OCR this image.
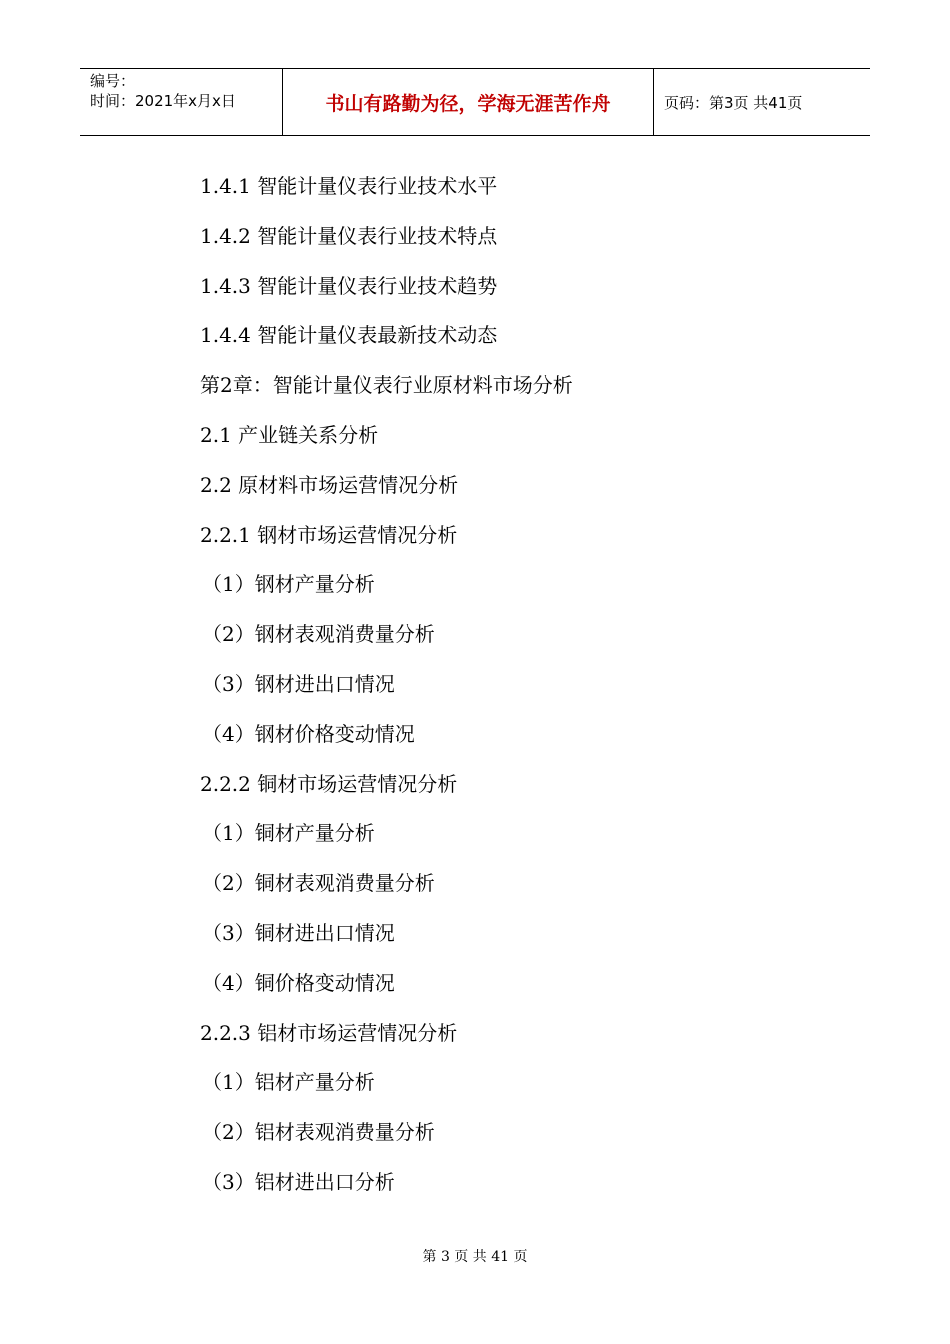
编号：
时间：2021年x月x日	书山有路勤为径，学海无涯苦作舟	页码：第3页 共41页
1.4.1 智能计量仪表行业技术水平
1.4.2 智能计量仪表行业技术特点
1.4.3 智能计量仪表行业技术趋势
1.4.4 智能计量仪表最新技术动态
第2章：智能计量仪表行业原材料市场分析
2.1 产业链关系分析
2.2 原材料市场运营情况分析
2.2.1 钢材市场运营情况分析
（1）钢材产量分析
（2）钢材表观消费量分析
（3）钢材进出口情况
（4）钢材价格变动情况
2.2.2 铜材市场运营情况分析
（1）铜材产量分析
（2）铜材表观消费量分析
（3）铜材进出口情况
（4）铜价格变动情况
2.2.3 铝材市场运营情况分析
（1）铝材产量分析
（2）铝材表观消费量分析
（3）铝材进出口分析
第 3 页 共 41 页
